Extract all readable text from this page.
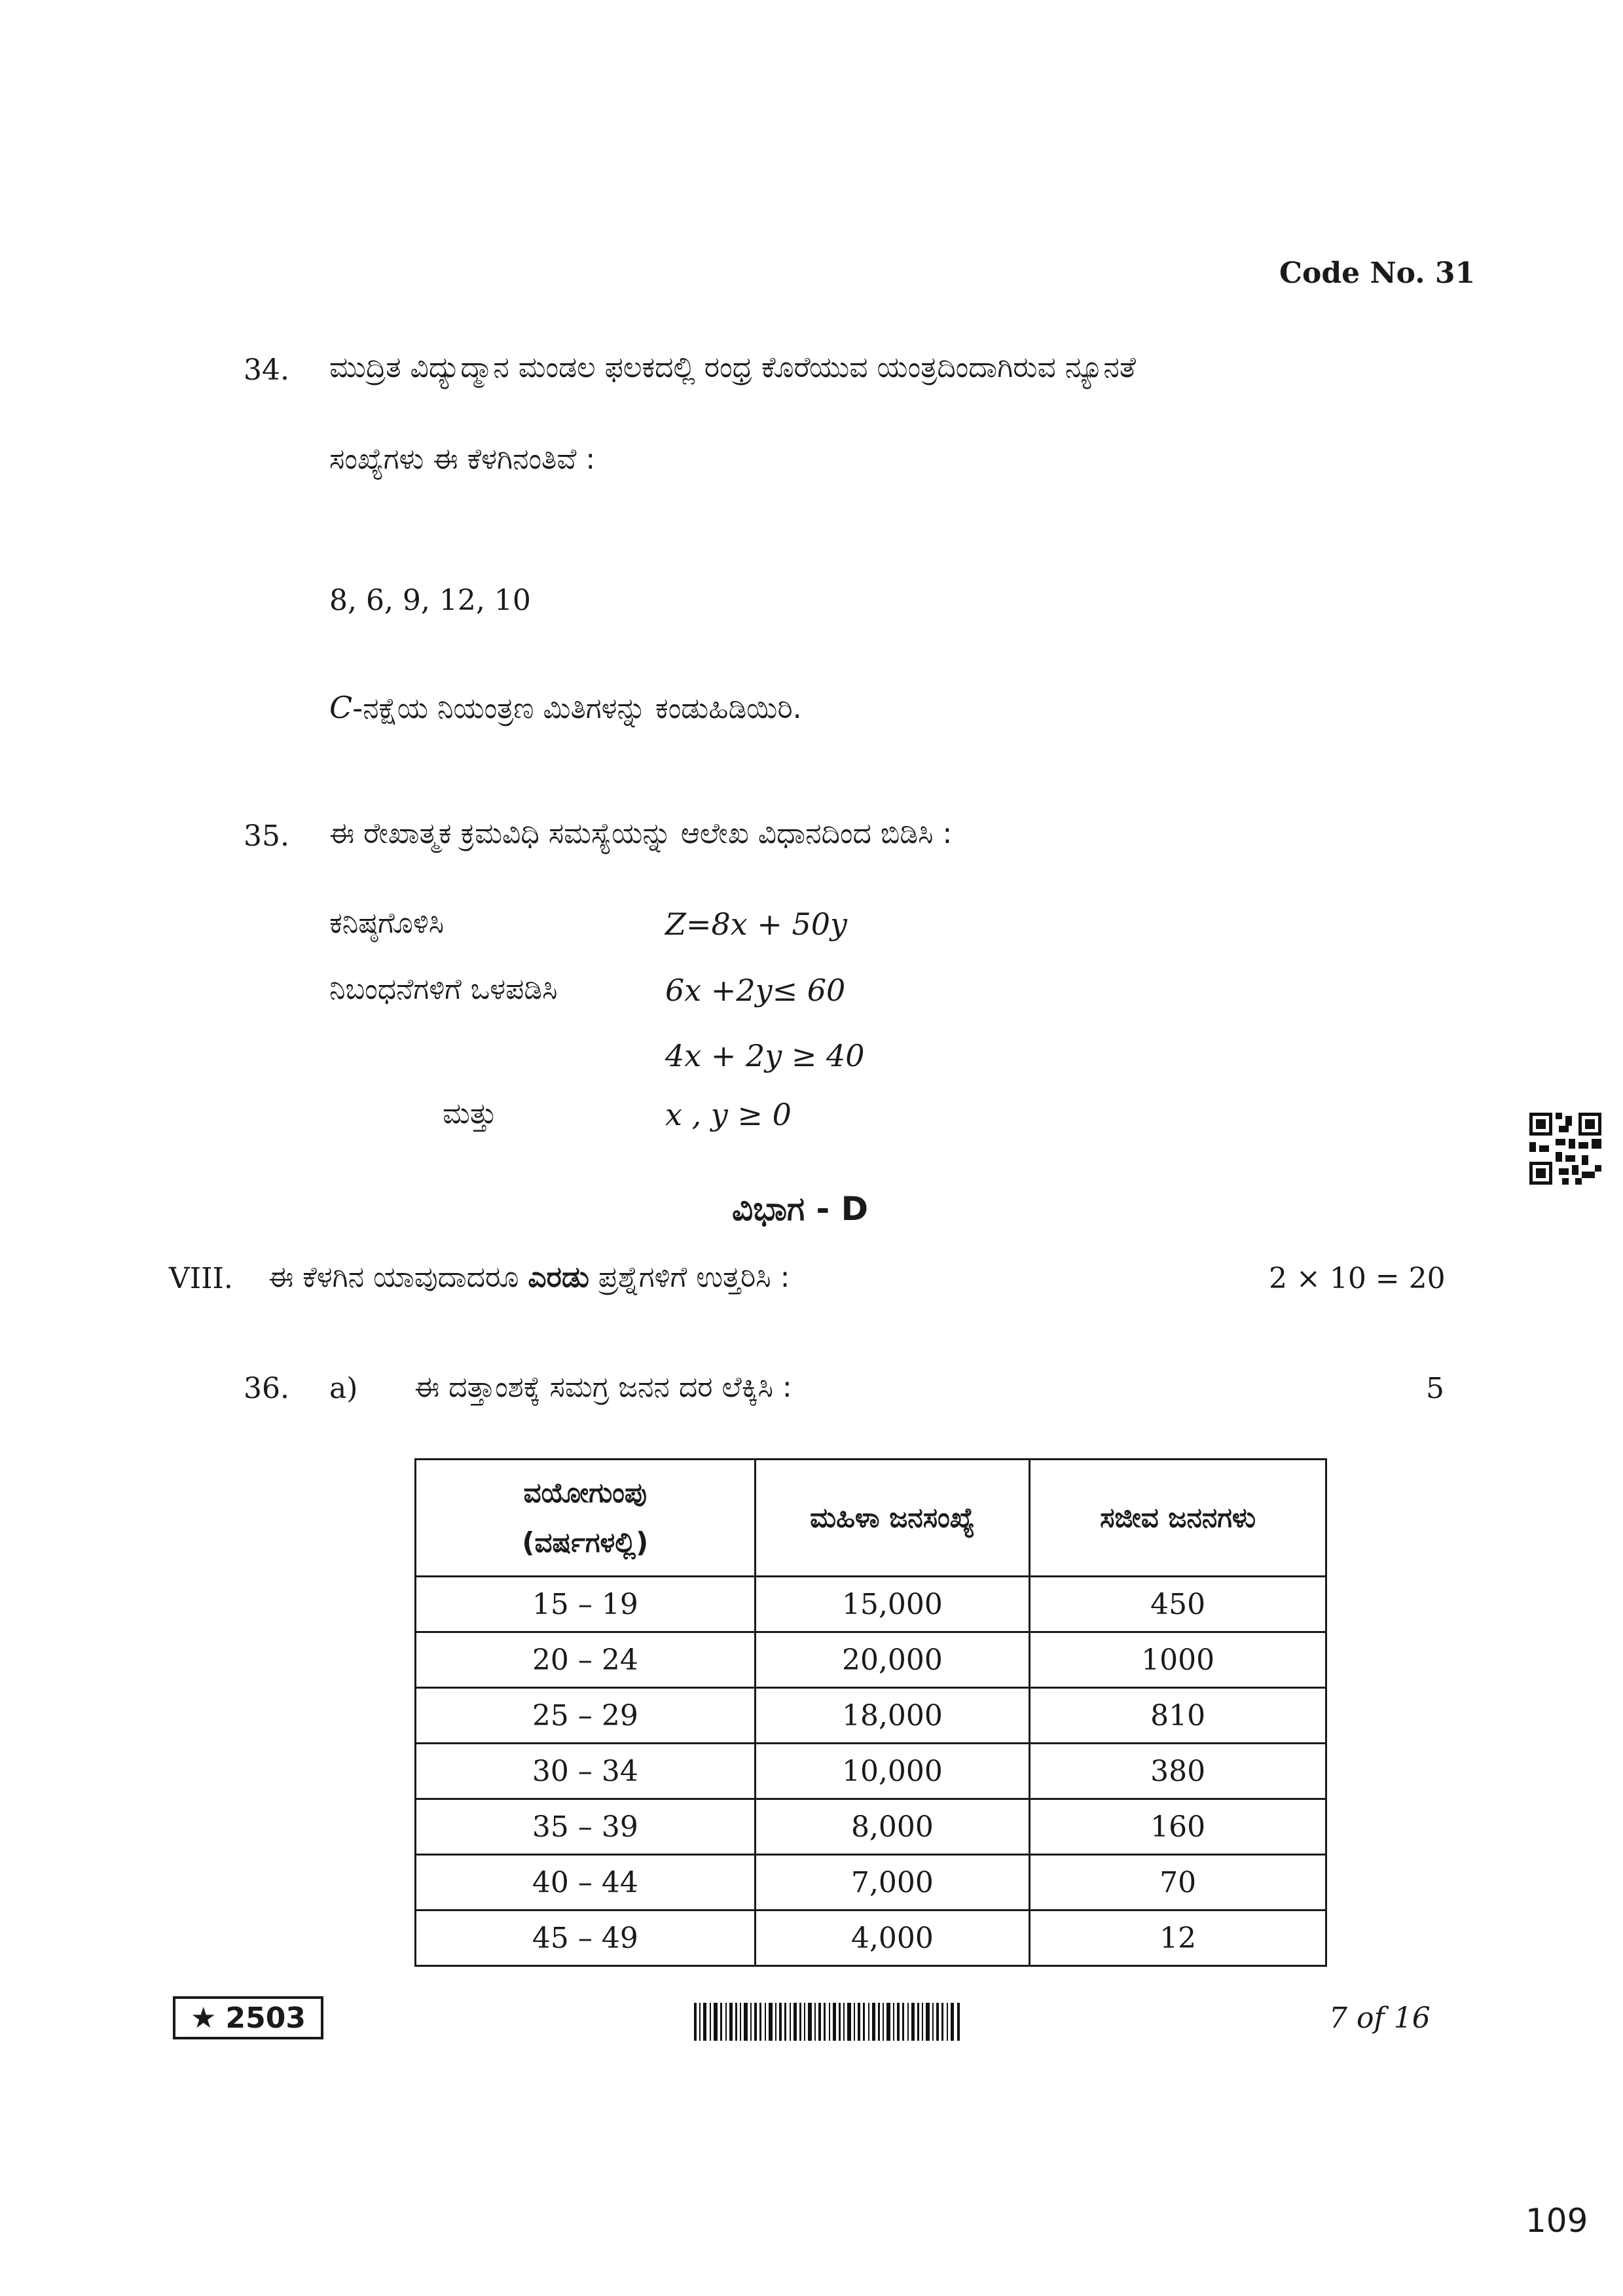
Code No. 31
34. ಮುದ್ರಿತ ವಿದ್ಯುದ್ಮಾನ ಮಂಡಲ ಫಲಕದಲ್ಲಿ ರಂಧ್ರ ಕೊರೆಯುವ ಯಂತ್ರದಿಂದಾಗಿರುವ ನ್ಯೂನತೆ
ಸಂಖ್ಯೆಗಳು ಈ ಕೆಳಗಿನಂತಿವೆ :
8, 6, 9, 12, 10
C-ನಕ್ಷೆಯ ನಿಯಂತ್ರಣ ಮಿತಿಗಳನ್ನು ಕಂಡುಹಿಡಿಯಿರಿ.
35. ಈ ರೇಖಾತ್ಮಕ ಕ್ರಮವಿಧಿ ಸಮಸ್ಯೆಯನ್ನು ಆಲೇಖ ವಿಧಾನದಿಂದ ಬಿಡಿಸಿ :
ಕನಿಷ್ಠಗೊಳಿಸಿ	Z=8x + 50y
ನಿಬಂಧನೆಗಳಿಗೆ ಒಳಪಡಿಸಿ	6x +2y≤ 60
4x + 2y ≥ 40
ಮತ್ತು	x , y ≥ 0
ವಿಭಾಗ - D
VIII. ಈ ಕೆಳಗಿನ ಯಾವುದಾದರೂ ಎರಡು ಪ್ರಶ್ನೆಗಳಿಗೆ ಉತ್ತರಿಸಿ :	2 × 10 = 20
36. a) ಈ ದತ್ತಾಂಶಕ್ಕೆ ಸಮಗ್ರ ಜನನ ದರ ಲೆಕ್ಕಿಸಿ :	5
ವಯೋಗುಂಪು
(ವರ್ಷಗಳಲ್ಲಿ)	ಮಹಿಳಾ ಜನಸಂಖ್ಯೆ	ಸಜೀವ ಜನನಗಳು
15 – 19	15,000	450
20 – 24	20,000	1000
25 – 29	18,000	810
30 – 34	10,000	380
35 – 39	8,000	160
40 – 44	7,000	70
45 – 49	4,000	12
★ 2503	7 of 16
109
